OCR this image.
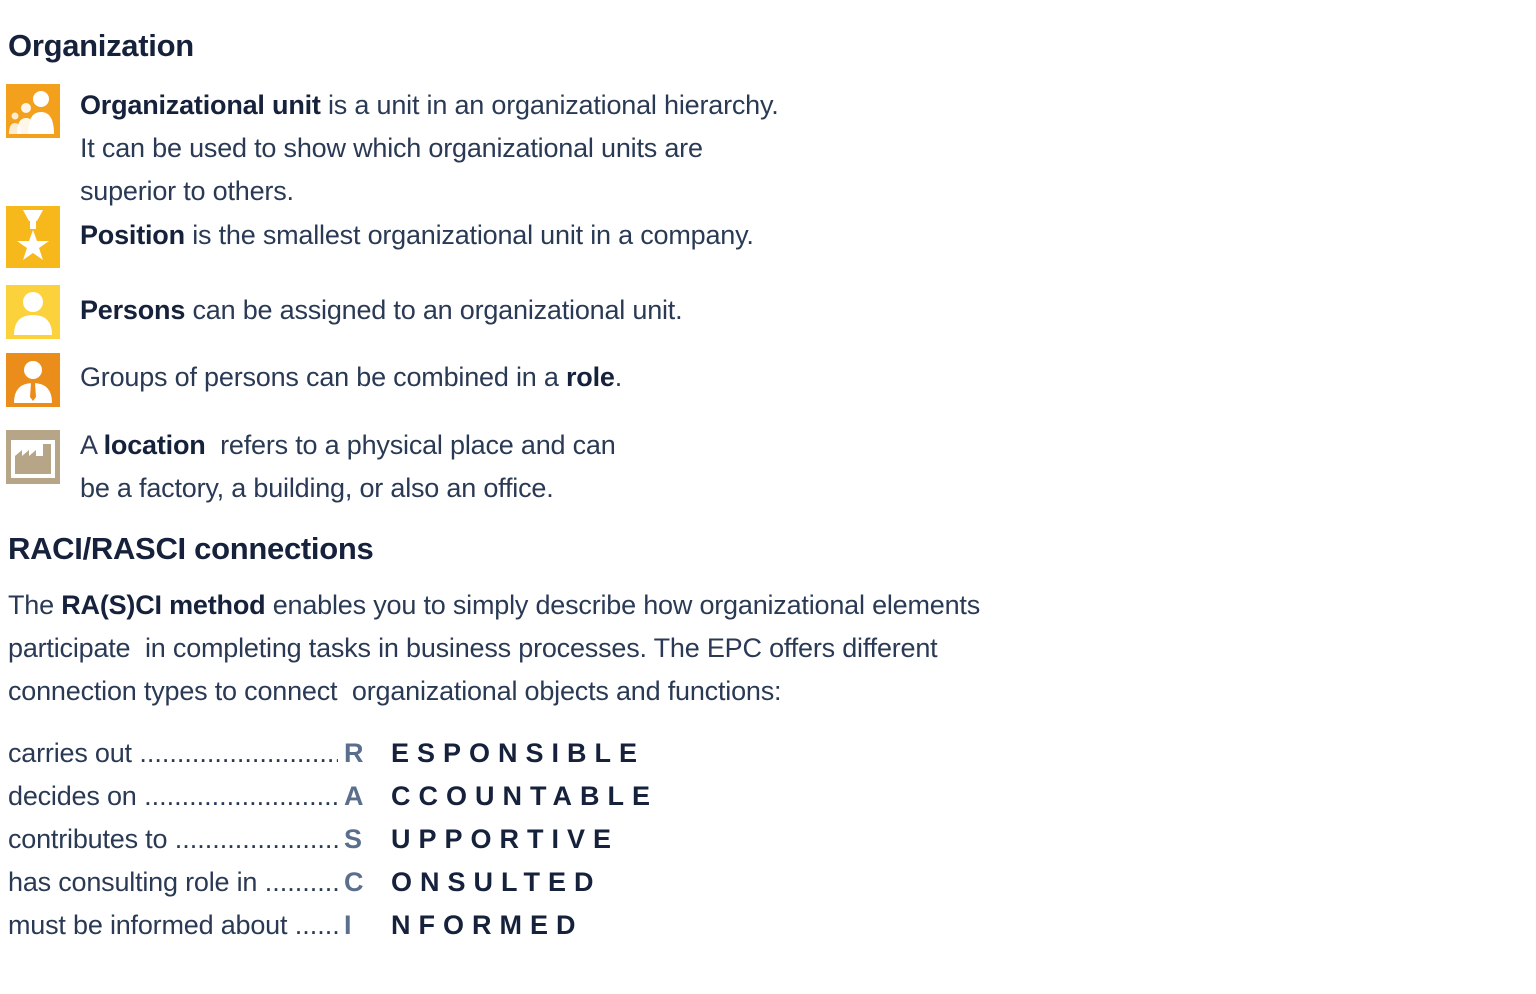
Organization
Organizational unit is a unit in an organizational hierarchy.
It can be used to show which organizational units are
superior to others.
Position is the smallest organizational unit in a company.
Persons can be assigned to an organizational unit.
Groups of persons can be combined in a role.
A location  refers to a physical place and can
be a factory, a building, or also an office.
RACI/RASCI connections
The RA(S)CI method enables you to simply describe how organizational elements
participate  in completing tasks in business processes. The EPC offers different
connection types to connect  organizational objects and functions:
carries out .....	R	ESPONSIBLE
decides on .....	A	CCOUNTABLE
contributes to .....	S	UPPORTIVE
has consulting role in .....	C	ONSULTED
must be informed about .....	I	NFORMED
